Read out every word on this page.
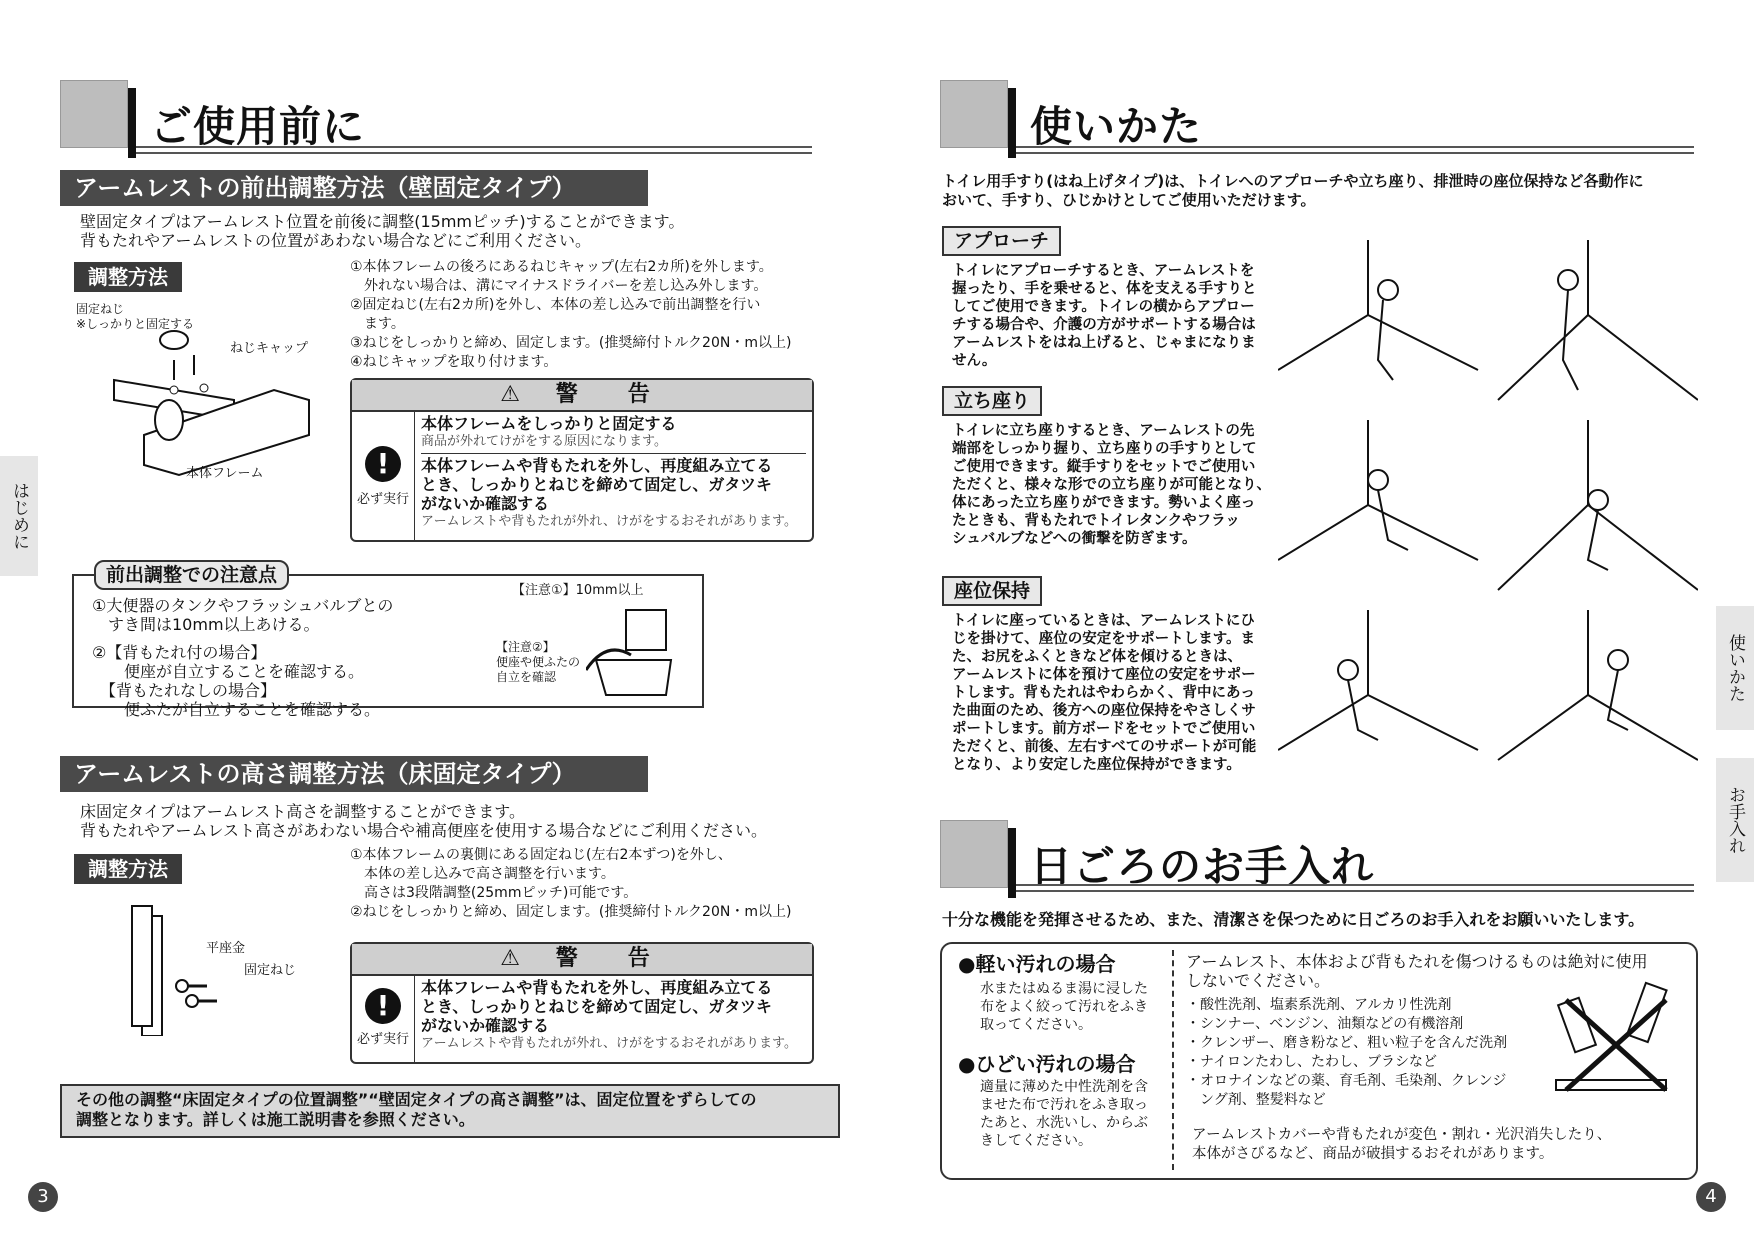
ご使用前に
アームレストの前出調整方法（壁固定タイプ）
壁固定タイプはアームレスト位置を前後に調整(15mmピッチ)することができます。
背もたれやアームレストの位置があわない場合などにご利用ください。
調整方法
固定ねじ
※しっかりと固定する
ねじキャップ
本体フレーム
①本体フレームの後ろにあるねじキャップ(左右2カ所)を外します。
　外れない場合は、溝にマイナスドライバーを差し込み外します。
②固定ねじ(左右2カ所)を外し、本体の差し込みで前出調整を行い
　ます。
③ねじをしっかりと締め、固定します。(推奨締付トルク20N・m以上)
④ねじキャップを取り付けます。
⚠ 警　告
!
必ず実行
本体フレームをしっかりと固定する
商品が外れてけがをする原因になります。
本体フレームや背もたれを外し、再度組み立てる
とき、しっかりとねじを締めて固定し、ガタツキ
がないか確認する
アームレストや背もたれが外れ、けがをするおそれがあります。
前出調整での注意点
①大便器のタンクやフラッシュバルブとの
　すき間は10mm以上あける。
②【背もたれ付の場合】
　　便座が自立することを確認する。
　【背もたれなしの場合】
　　便ふたが自立することを確認する。
【注意①】10mm以上
【注意②】
便座や便ふたの
自立を確認
アームレストの高さ調整方法（床固定タイプ）
床固定タイプはアームレスト高さを調整することができます。
背もたれやアームレスト高さがあわない場合や補高便座を使用する場合などにご利用ください。
調整方法
平座金
固定ねじ
①本体フレームの裏側にある固定ねじ(左右2本ずつ)を外し、
　本体の差し込みで高さ調整を行います。
　高さは3段階調整(25mmピッチ)可能です。
②ねじをしっかりと締め、固定します。(推奨締付トルク20N・m以上)
⚠ 警　告
!
必ず実行
本体フレームや背もたれを外し、再度組み立てる
とき、しっかりとねじを締めて固定し、ガタツキ
がないか確認する
アームレストや背もたれが外れ、けがをするおそれがあります。
その他の調整“床固定タイプの位置調整”“壁固定タイプの高さ調整”は、固定位置をずらしての
調整となります。詳しくは施工説明書を参照ください。
はじめに
3
使いかた
トイレ用手すり(はね上げタイプ)は、トイレへのアプローチや立ち座り、排泄時の座位保持など各動作に
おいて、手すり、ひじかけとしてご使用いただけます。
アプローチ
トイレにアプローチするとき、アームレストを
握ったり、手を乗せると、体を支える手すりと
してご使用できます。トイレの横からアプロー
チする場合や、介護の方がサポートする場合は
アームレストをはね上げると、じゃまになりま
せん。
立ち座り
トイレに立ち座りするとき、アームレストの先
端部をしっかり握り、立ち座りの手すりとして
ご使用できます。縦手すりをセットでご使用い
ただくと、様々な形での立ち座りが可能となり、
体にあった立ち座りができます。勢いよく座っ
たときも、背もたれでトイレタンクやフラッ
シュバルブなどへの衝撃を防ぎます。
座位保持
トイレに座っているときは、アームレストにひ
じを掛けて、座位の安定をサポートします。ま
た、お尻をふくときなど体を傾けるときは、
アームレストに体を預けて座位の安定をサポー
トします。背もたれはやわらかく、背中にあっ
た曲面のため、後方への座位保持をやさしくサ
ポートします。前方ボードをセットでご使用い
ただくと、前後、左右すべてのサポートが可能
となり、より安定した座位保持ができます。
日ごろのお手入れ
十分な機能を発揮させるため、また、清潔さを保つために日ごろのお手入れをお願いいたします。
●軽い汚れの場合
水またはぬるま湯に浸した
布をよく絞って汚れをふき
取ってください。
●ひどい汚れの場合
適量に薄めた中性洗剤を含
ませた布で汚れをふき取っ
たあと、水洗いし、からぶ
きしてください。
アームレスト、本体および背もたれを傷つけるものは絶対に使用
しないでください。
・酸性洗剤、塩素系洗剤、アルカリ性洗剤
・シンナー、ベンジン、油類などの有機溶剤
・クレンザー、磨き粉など、粗い粒子を含んだ洗剤
・ナイロンたわし、たわし、ブラシなど
・オロナインなどの薬、育毛剤、毛染剤、クレンジ
　ング剤、整髪料など
アームレストカバーや背もたれが変色・割れ・光沢消失したり、
本体がさびるなど、商品が破損するおそれがあります。
使いかた
お手入れ
4
